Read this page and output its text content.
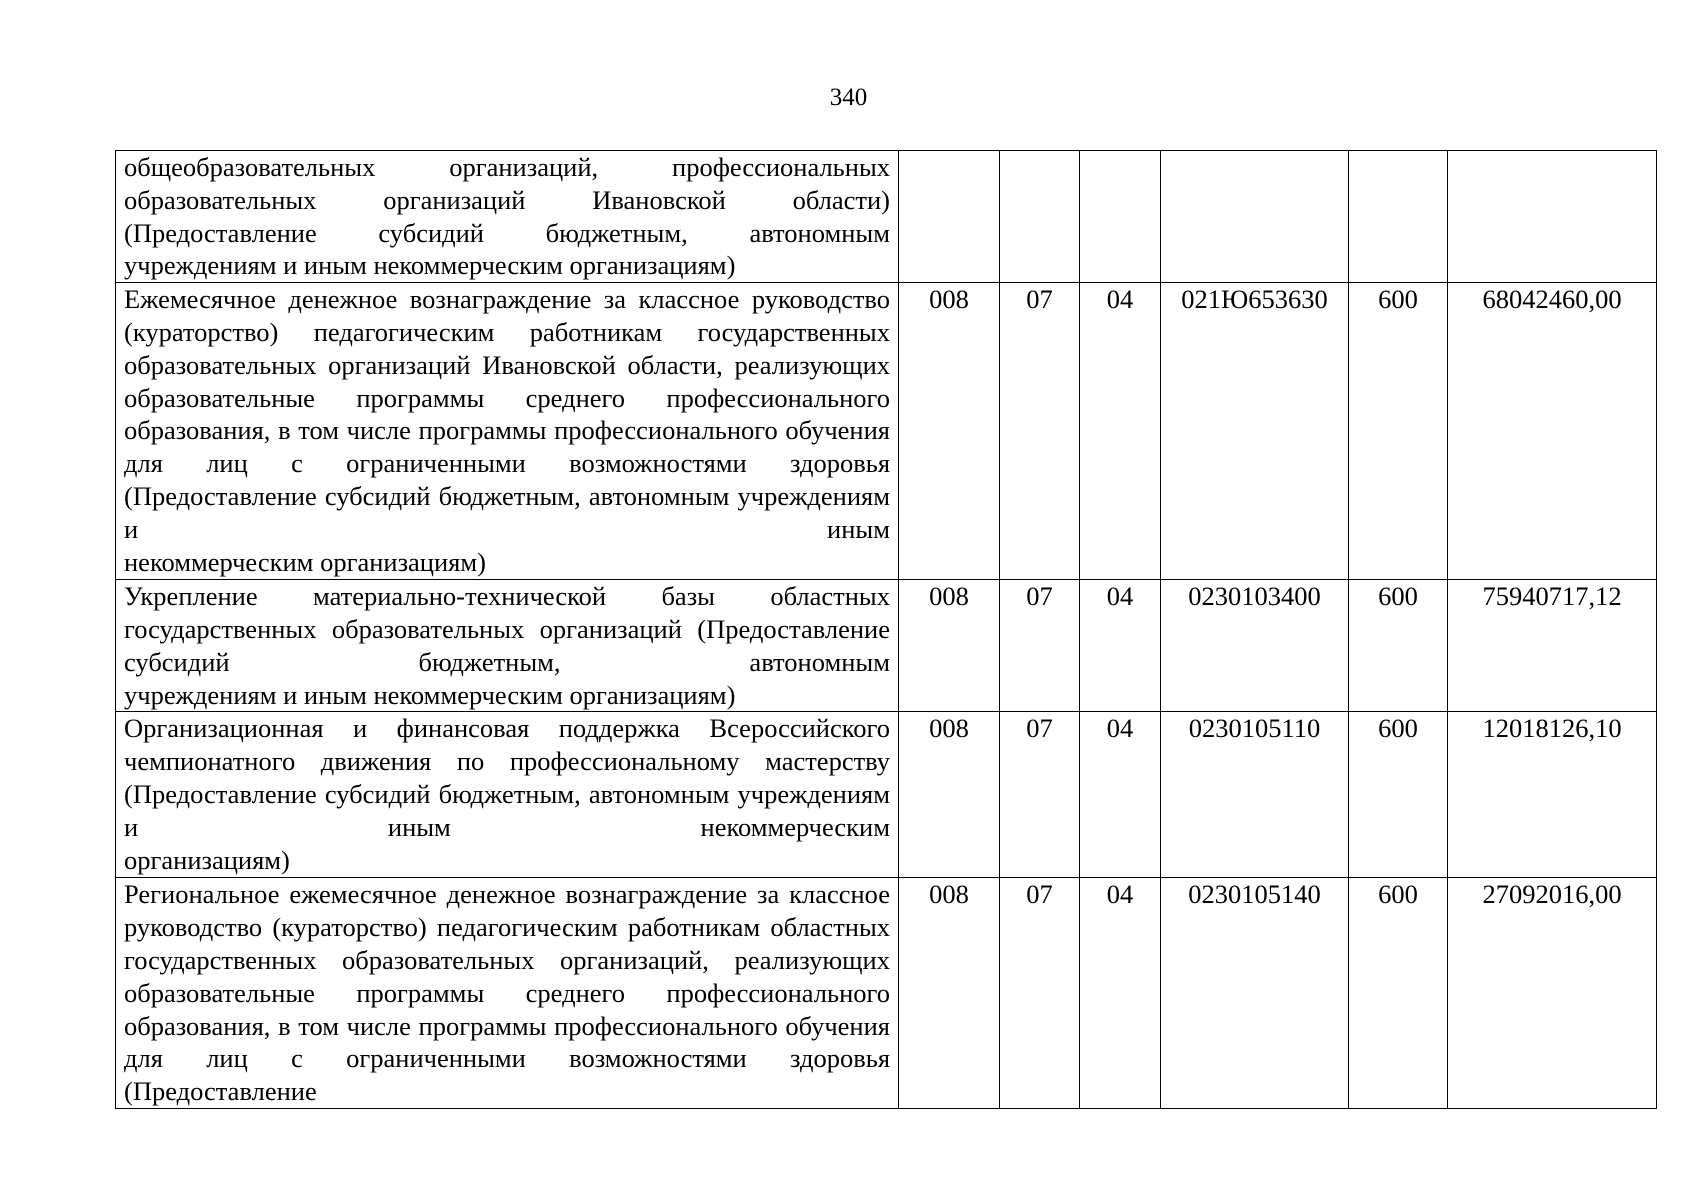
340
общеобразовательных организаций, профессиональных образовательных организаций Ивановской области) (Предоставление субсидий бюджетным, автономным
учреждениям и иным некоммерческим организациям)						

Ежемесячное денежное вознаграждение за классное руководство (кураторство) педагогическим работникам государственных образовательных организаций Ивановской области, реализующих образовательные программы среднего профессионального образования, в том числе программы профессионального обучения для лиц с ограниченными возможностями здоровья (Предоставление субсидий бюджетным, автономным учреждениям и иным
некоммерческим организациям)	008	07	04	021Ю653630	600	68042460,00
Укрепление материально-технической базы областных государственных образовательных организаций (Предоставление субсидий бюджетным, автономным
учреждениям и иным некоммерческим организациям)	008	07	04	0230103400	600	75940717,12
Организационная и финансовая поддержка Всероссийского чемпионатного движения по профессиональному мастерству (Предоставление субсидий бюджетным, автономным учреждениям и иным некоммерческим
организациям)	008	07	04	0230105110	600	12018126,10
Региональное ежемесячное денежное вознаграждение за классное руководство (кураторство) педагогическим работникам областных государственных образовательных организаций, реализующих образовательные программы среднего профессионального образования, в том числе программы профессионального обучения для лиц с ограниченными возможностями здоровья (Предоставление	008	07	04	0230105140	600	27092016,00
